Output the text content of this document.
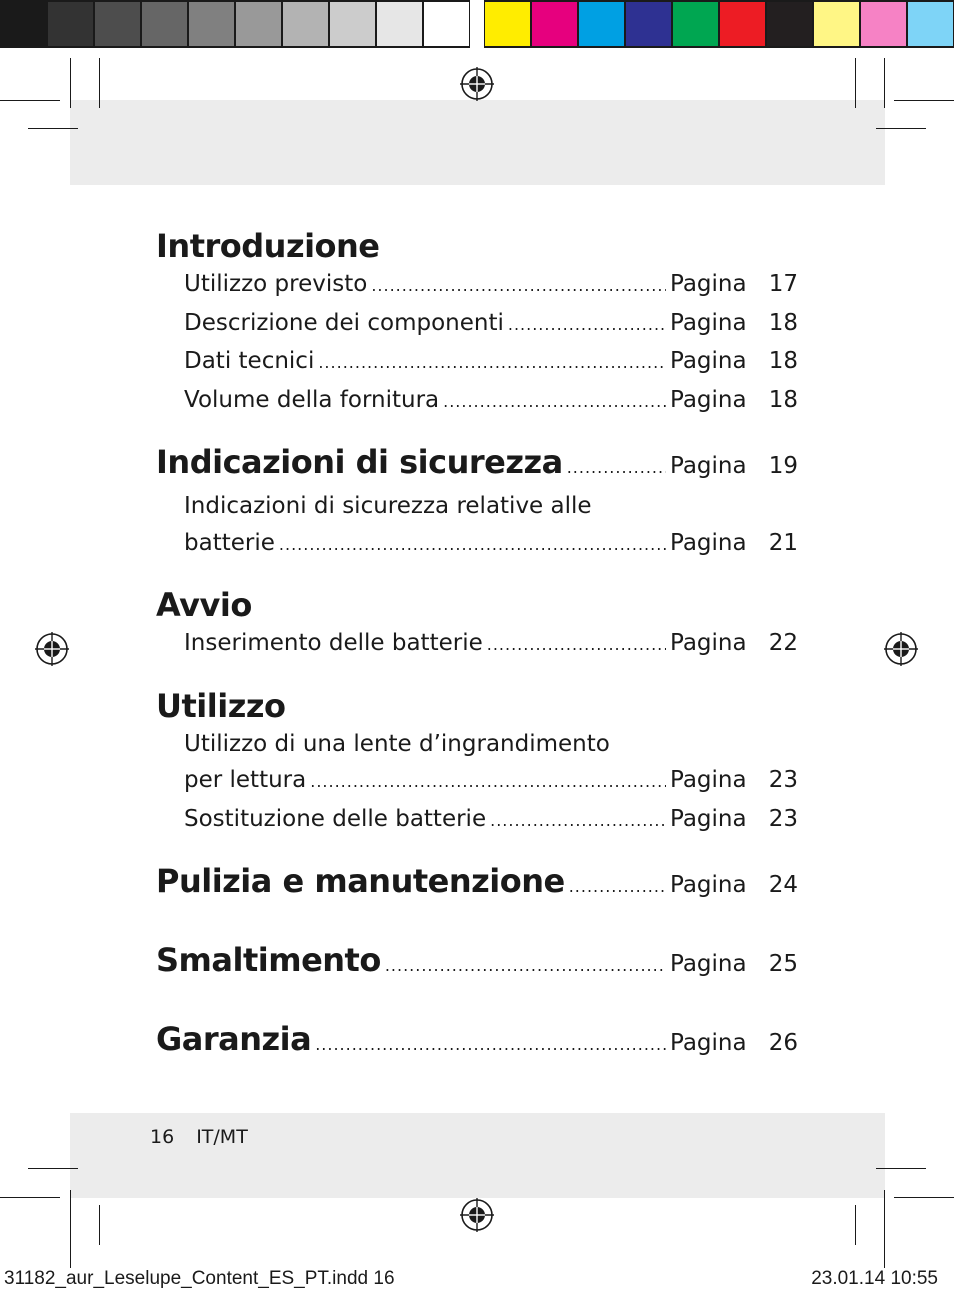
Introduzione
Utilizzo previsto .....	Pagina 17
Descrizione dei componenti .....	Pagina 18
Dati tecnici .....	Pagina 18
Volume della fornitura .....	Pagina 18
Indicazioni di sicurezza .....	Pagina 19
Indicazioni di sicurezza relative alle
batterie .....	Pagina 21
Avvio
Inserimento delle batterie .....	Pagina 22
Utilizzo
Utilizzo di una lente d’ingrandimento
per lettura .....	Pagina 23
Sostituzione delle batterie .....	Pagina 23
Pulizia e manutenzione .....	Pagina 24
Smaltimento .....	Pagina 25
Garanzia .....	Pagina 26
16 IT/MT
31182_aur_Leselupe_Content_ES_PT.indd 16	23.01.14 10:55
